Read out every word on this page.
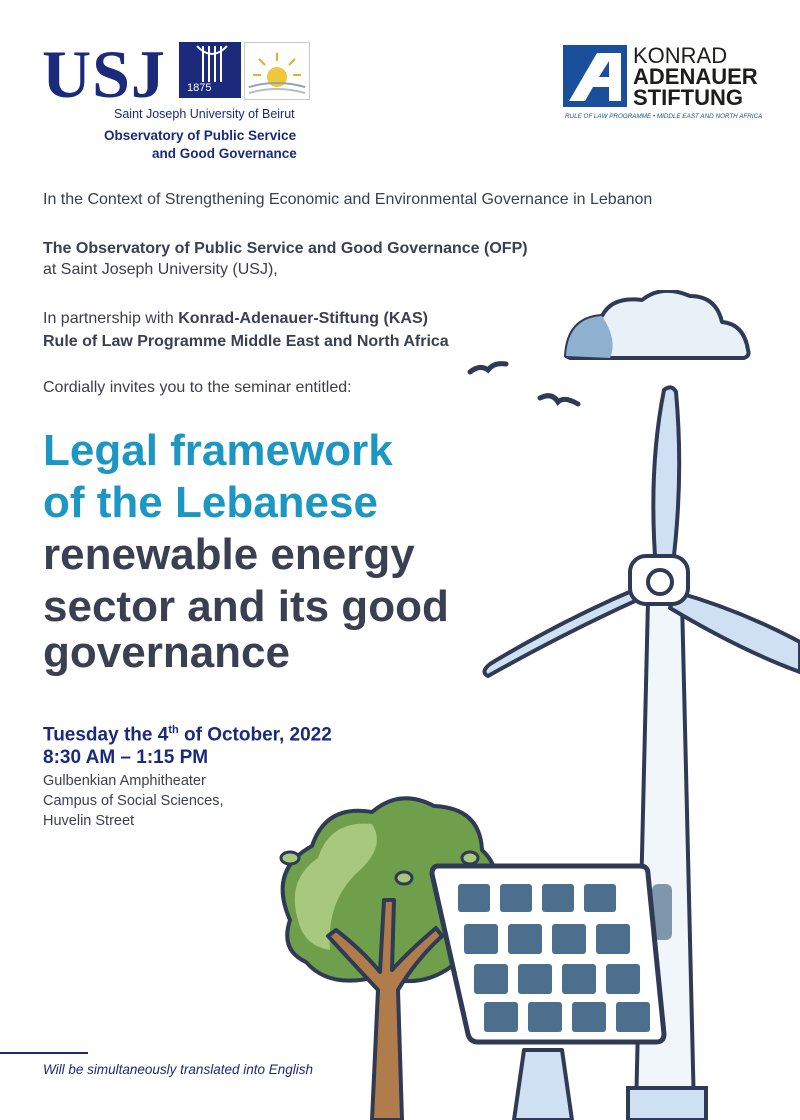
USJ 1875
Saint Joseph University of Beirut
Observatory of Public Service
and Good Governance
KONRAD
ADENAUER
STIFTUNG
RULE OF LAW PROGRAMME • MIDDLE EAST AND NORTH AFRICA
In the Context of Strengthening Economic and Environmental Governance in Lebanon
The Observatory of Public Service and Good Governance (OFP)
at Saint Joseph University (USJ),
In partnership with Konrad-Adenauer-Stiftung (KAS)
Rule of Law Programme Middle East and North Africa
Cordially invites you to the seminar entitled:
Legal framework
of the Lebanese
renewable energy
sector and its good
governance
Tuesday the 4th of October, 2022
8:30 AM – 1:15 PM
Gulbenkian Amphitheater
Campus of Social Sciences,
Huvelin Street
Will be simultaneously translated into English
